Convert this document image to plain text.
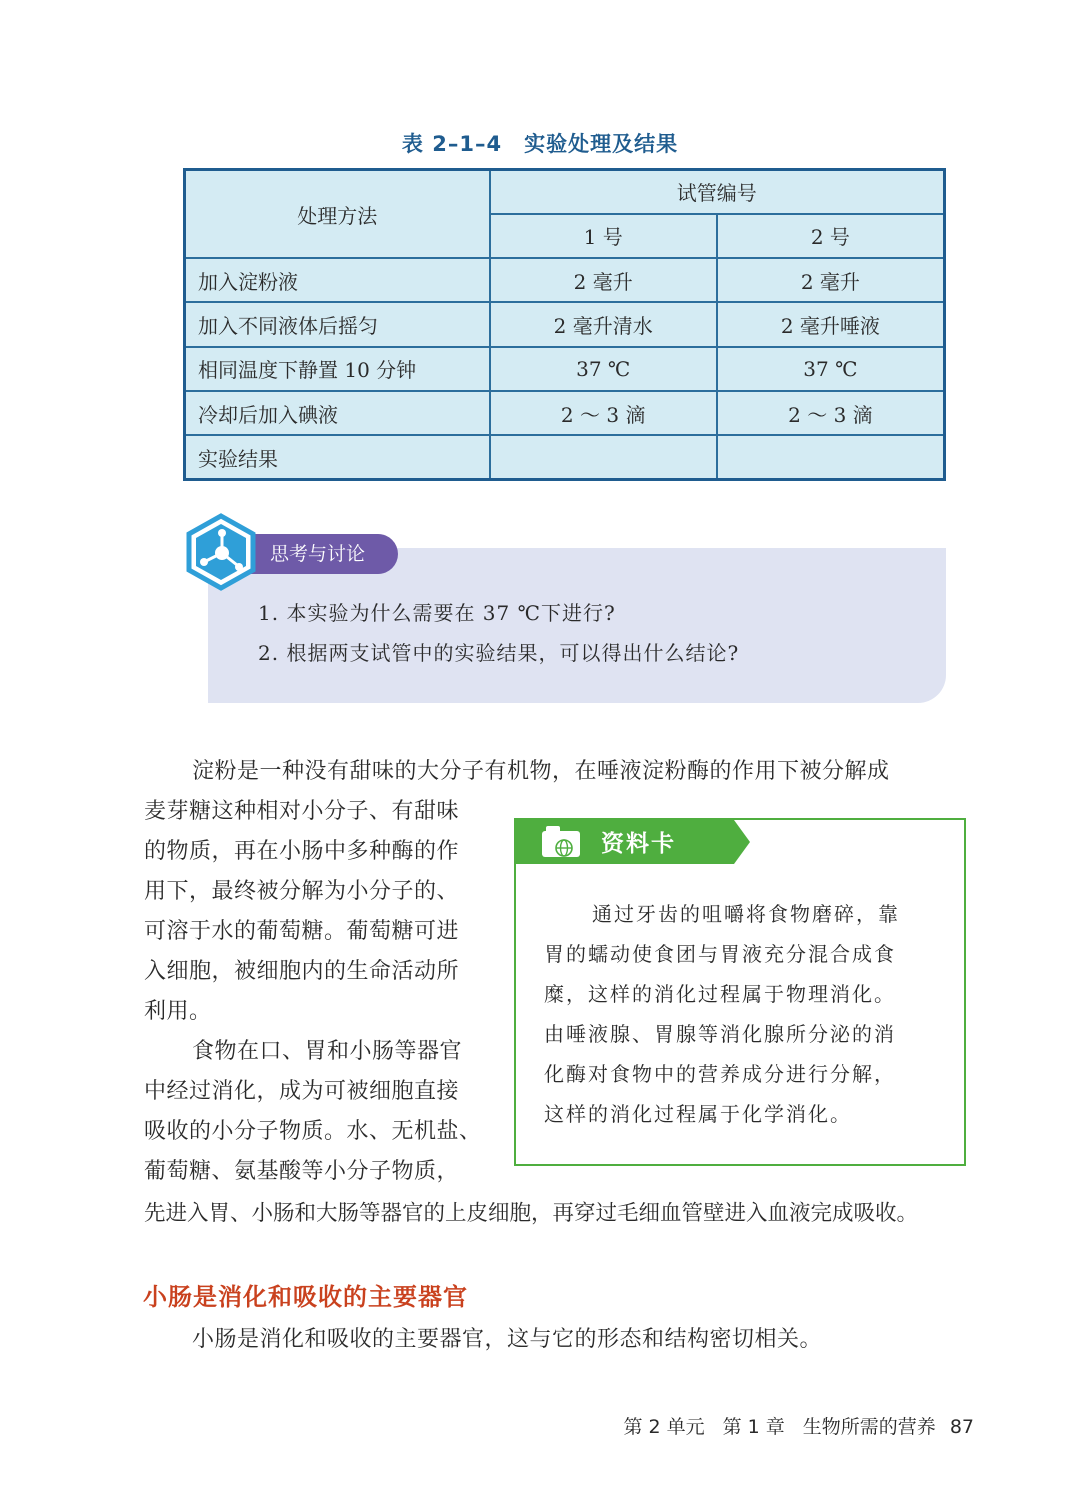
表 2–1–4 实验处理及结果
处理方法	试管编号	
	1 号	2 号
加入淀粉液	2 毫升	2 毫升
加入不同液体后摇匀	2 毫升清水	2 毫升唾液
相同温度下静置 10 分钟	37 ℃	37 ℃
冷却后加入碘液	2 ～ 3 滴	2 ～ 3 滴
实验结果		
思考与讨论
1. 本实验为什么需要在 37 ℃下进行?
2. 根据两支试管中的实验结果，可以得出什么结论?
淀粉是一种没有甜味的大分子有机物，在唾液淀粉酶的作用下被分解成
麦芽糖这种相对小分子、有甜味
的物质，再在小肠中多种酶的作
用下，最终被分解为小分子的、
可溶于水的葡萄糖。葡萄糖可进
入细胞，被细胞内的生命活动所
利用。
食物在口、胃和小肠等器官
中经过消化，成为可被细胞直接
吸收的小分子物质。水、无机盐、
葡萄糖、氨基酸等小分子物质，
先进入胃、小肠和大肠等器官的上皮细胞，再穿过毛细血管壁进入血液完成吸收。
资料卡
通过牙齿的咀嚼将食物磨碎，靠
胃的蠕动使食团与胃液充分混合成食
糜，这样的消化过程属于物理消化。
由唾液腺、胃腺等消化腺所分泌的消
化酶对食物中的营养成分进行分解，
这样的消化过程属于化学消化。
小肠是消化和吸收的主要器官
小肠是消化和吸收的主要器官，这与它的形态和结构密切相关。
第 2 单元 第 1 章 生物所需的营养 87
